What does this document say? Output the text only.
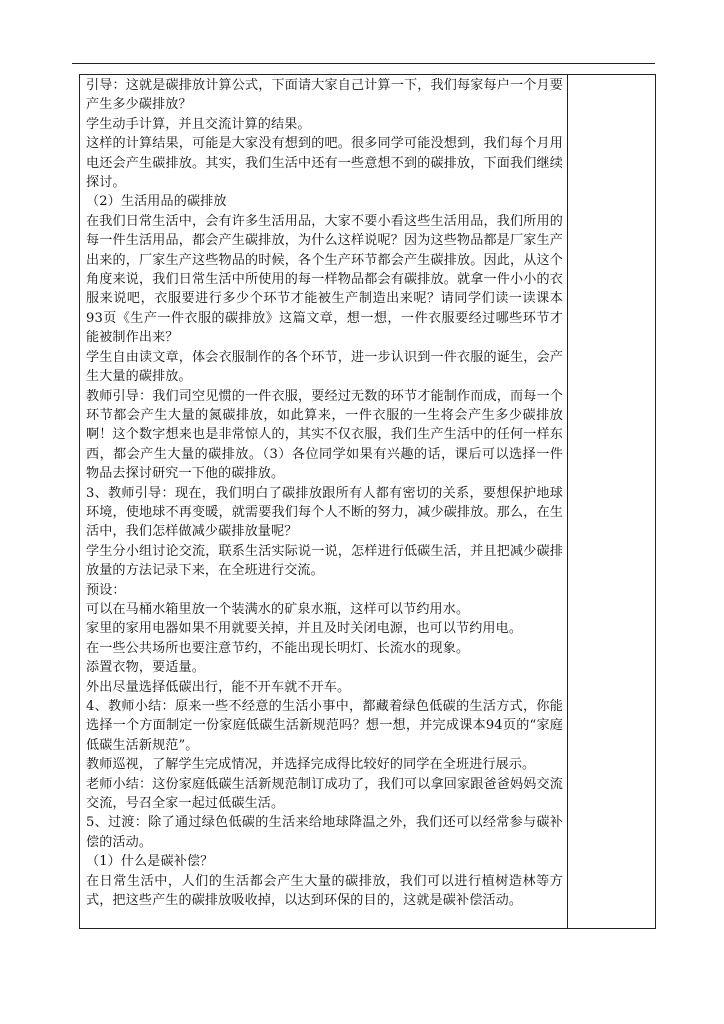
引导：这就是碳排放计算公式，下面请大家自己计算一下，我们每家每户一个月要产生多少碳排放？

学生动手计算，并且交流计算的结果。

这样的计算结果，可能是大家没有想到的吧。很多同学可能没想到，我们每个月用电还会产生碳排放。其实，我们生活中还有一些意想不到的碳排放，下面我们继续探讨。

（2）生活用品的碳排放

在我们日常生活中，会有许多生活用品，大家不要小看这些生活用品，我们所用的每一件生活用品，都会产生碳排放，为什么这样说呢？因为这些物品都是厂家生产出来的，厂家生产这些物品的时候，各个生产环节都会产生碳排放。因此，从这个角度来说，我们日常生活中所使用的每一样物品都会有碳排放。就拿一件小小的衣服来说吧，衣服要进行多少个环节才能被生产制造出来呢？请同学们读一读课本93页《生产一件衣服的碳排放》这篇文章，想一想，一件衣服要经过哪些环节才能被制作出来？

学生自由读文章，体会衣服制作的各个环节，进一步认识到一件衣服的诞生，会产生大量的碳排放。

教师引导：我们司空见惯的一件衣服，要经过无数的环节才能制作而成，而每一个环节都会产生大量的氮碳排放，如此算来，一件衣服的一生将会产生多少碳排放啊！这个数字想来也是非常惊人的，其实不仅衣服，我们生产生活中的任何一样东西，都会产生大量的碳排放。（3）各位同学如果有兴趣的话，课后可以选择一件物品去探讨研究一下他的碳排放。

3、教师引导：现在，我们明白了碳排放跟所有人都有密切的关系，要想保护地球环境，使地球不再变暖，就需要我们每个人不断的努力，减少碳排放。那么，在生活中，我们怎样做减少碳排放量呢？

学生分小组讨论交流，联系生活实际说一说，怎样进行低碳生活，并且把减少碳排放量的方法记录下来，在全班进行交流。

预设：

可以在马桶水箱里放一个装满水的矿泉水瓶，这样可以节约用水。

家里的家用电器如果不用就要关掉，并且及时关闭电源，也可以节约用电。

在一些公共场所也要注意节约，不能出现长明灯、长流水的现象。

添置衣物，要适量。

外出尽量选择低碳出行，能不开车就不开车。

4、教师小结：原来一些不经意的生活小事中，都藏着绿色低碳的生活方式，你能选择一个方面制定一份家庭低碳生活新规范吗？想一想，并完成课本94页的“家庭低碳生活新规范”。

教师巡视，了解学生完成情况，并选择完成得比较好的同学在全班进行展示。

老师小结：这份家庭低碳生活新规范制订成功了，我们可以拿回家跟爸爸妈妈交流交流，号召全家一起过低碳生活。

5、过渡：除了通过绿色低碳的生活来给地球降温之外，我们还可以经常参与碳补偿的活动。

（1）什么是碳补偿？

在日常生活中，人们的生活都会产生大量的碳排放，我们可以进行植树造林等方式，把这些产生的碳排放吸收掉，以达到环保的目的，这就是碳补偿活动。
